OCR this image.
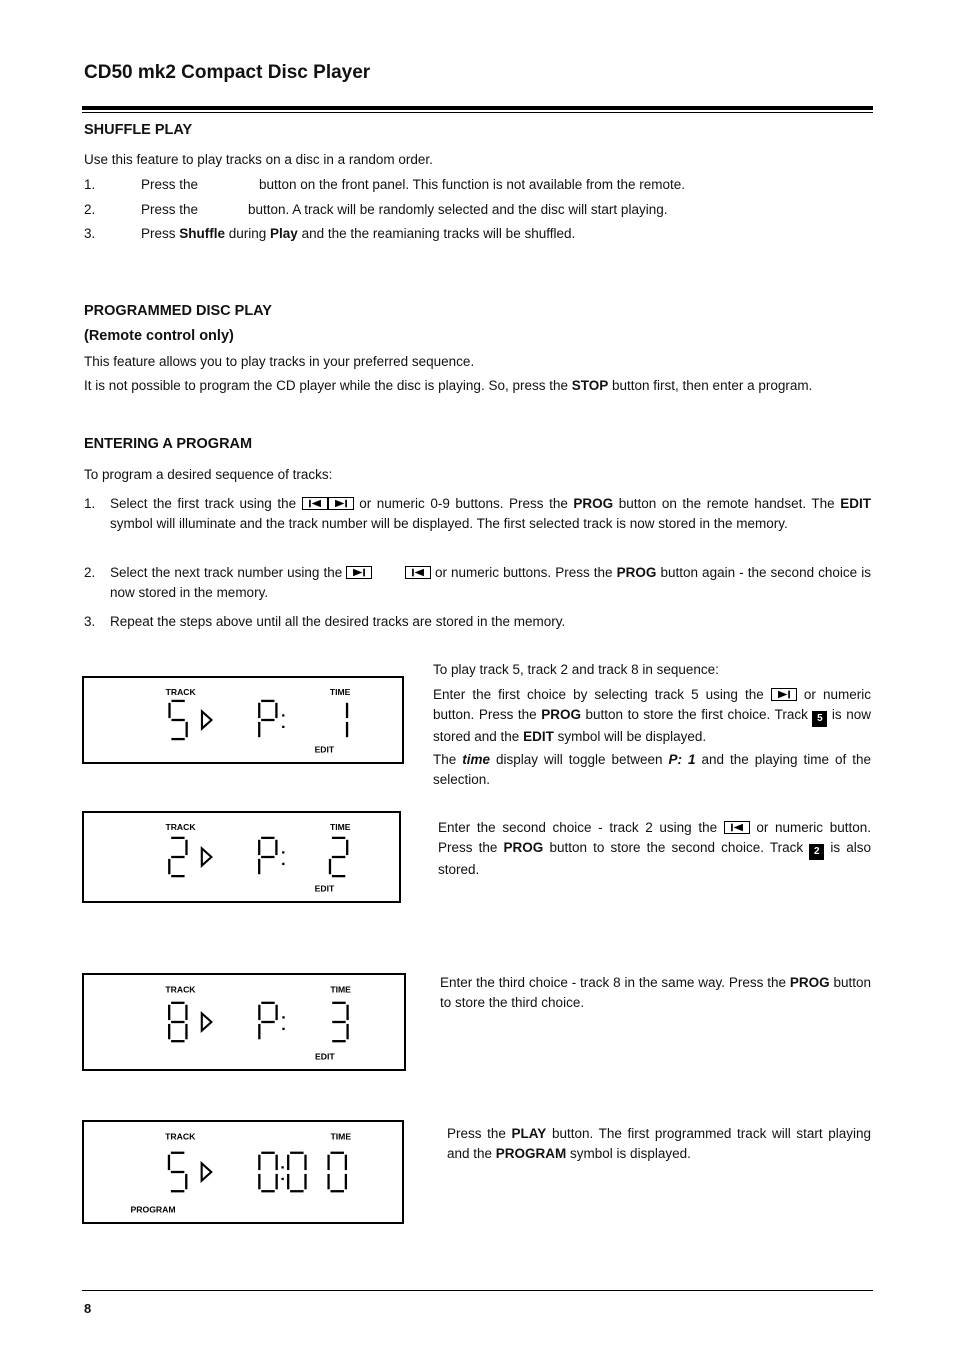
CD50 mk2 Compact Disc Player
SHUFFLE PLAY
Use this feature to play tracks on a disc in a random order.
1.	Press the	button on the front panel. This function is not available from the remote.
2.	Press the	button. A track will be randomly selected and the disc will start playing.
3.	Press Shuffle during Play and the the reamianing tracks will be shuffled.
PROGRAMMED DISC PLAY
(Remote control only)
This feature allows you to play tracks in your preferred sequence.
It is not possible to program the CD player while the disc is playing. So, press the STOP button first, then enter a program.
ENTERING A PROGRAM
To program a desired sequence of tracks:
1. Select the first track using the	or numeric 0-9 buttons. Press the PROG button on the remote handset. The EDIT symbol will illuminate and the track number will be displayed. The first selected track is now stored in the memory.
2. Select the next track number using the
	or numeric buttons. Press the PROG button again - the second choice is now stored in the memory.
3. Repeat the steps above until all the desired tracks are stored in the memory.
To play track 5, track 2 and track 8 in sequence:
Enter the first choice by selecting track 5 using the
or numeric button. Press the PROG button to store the first choice. Track 5 is now stored and the EDIT symbol will be displayed.
The time display will toggle between P: 1 and the playing time of the selection.
Enter the second choice - track 2 using the
or numeric button. Press the PROG button to store the second choice. Track 2 is also stored.
Enter the third choice - track 8 in the same way. Press the PROG button to store the third choice.
Press the PLAY button. The first programmed track will start playing and the PROGRAM symbol is displayed.
TRACK	TIME
EDIT
TRACK	TIME
EDIT
TRACK	TIME
EDIT
TRACK	TIME
PROGRAM
8
